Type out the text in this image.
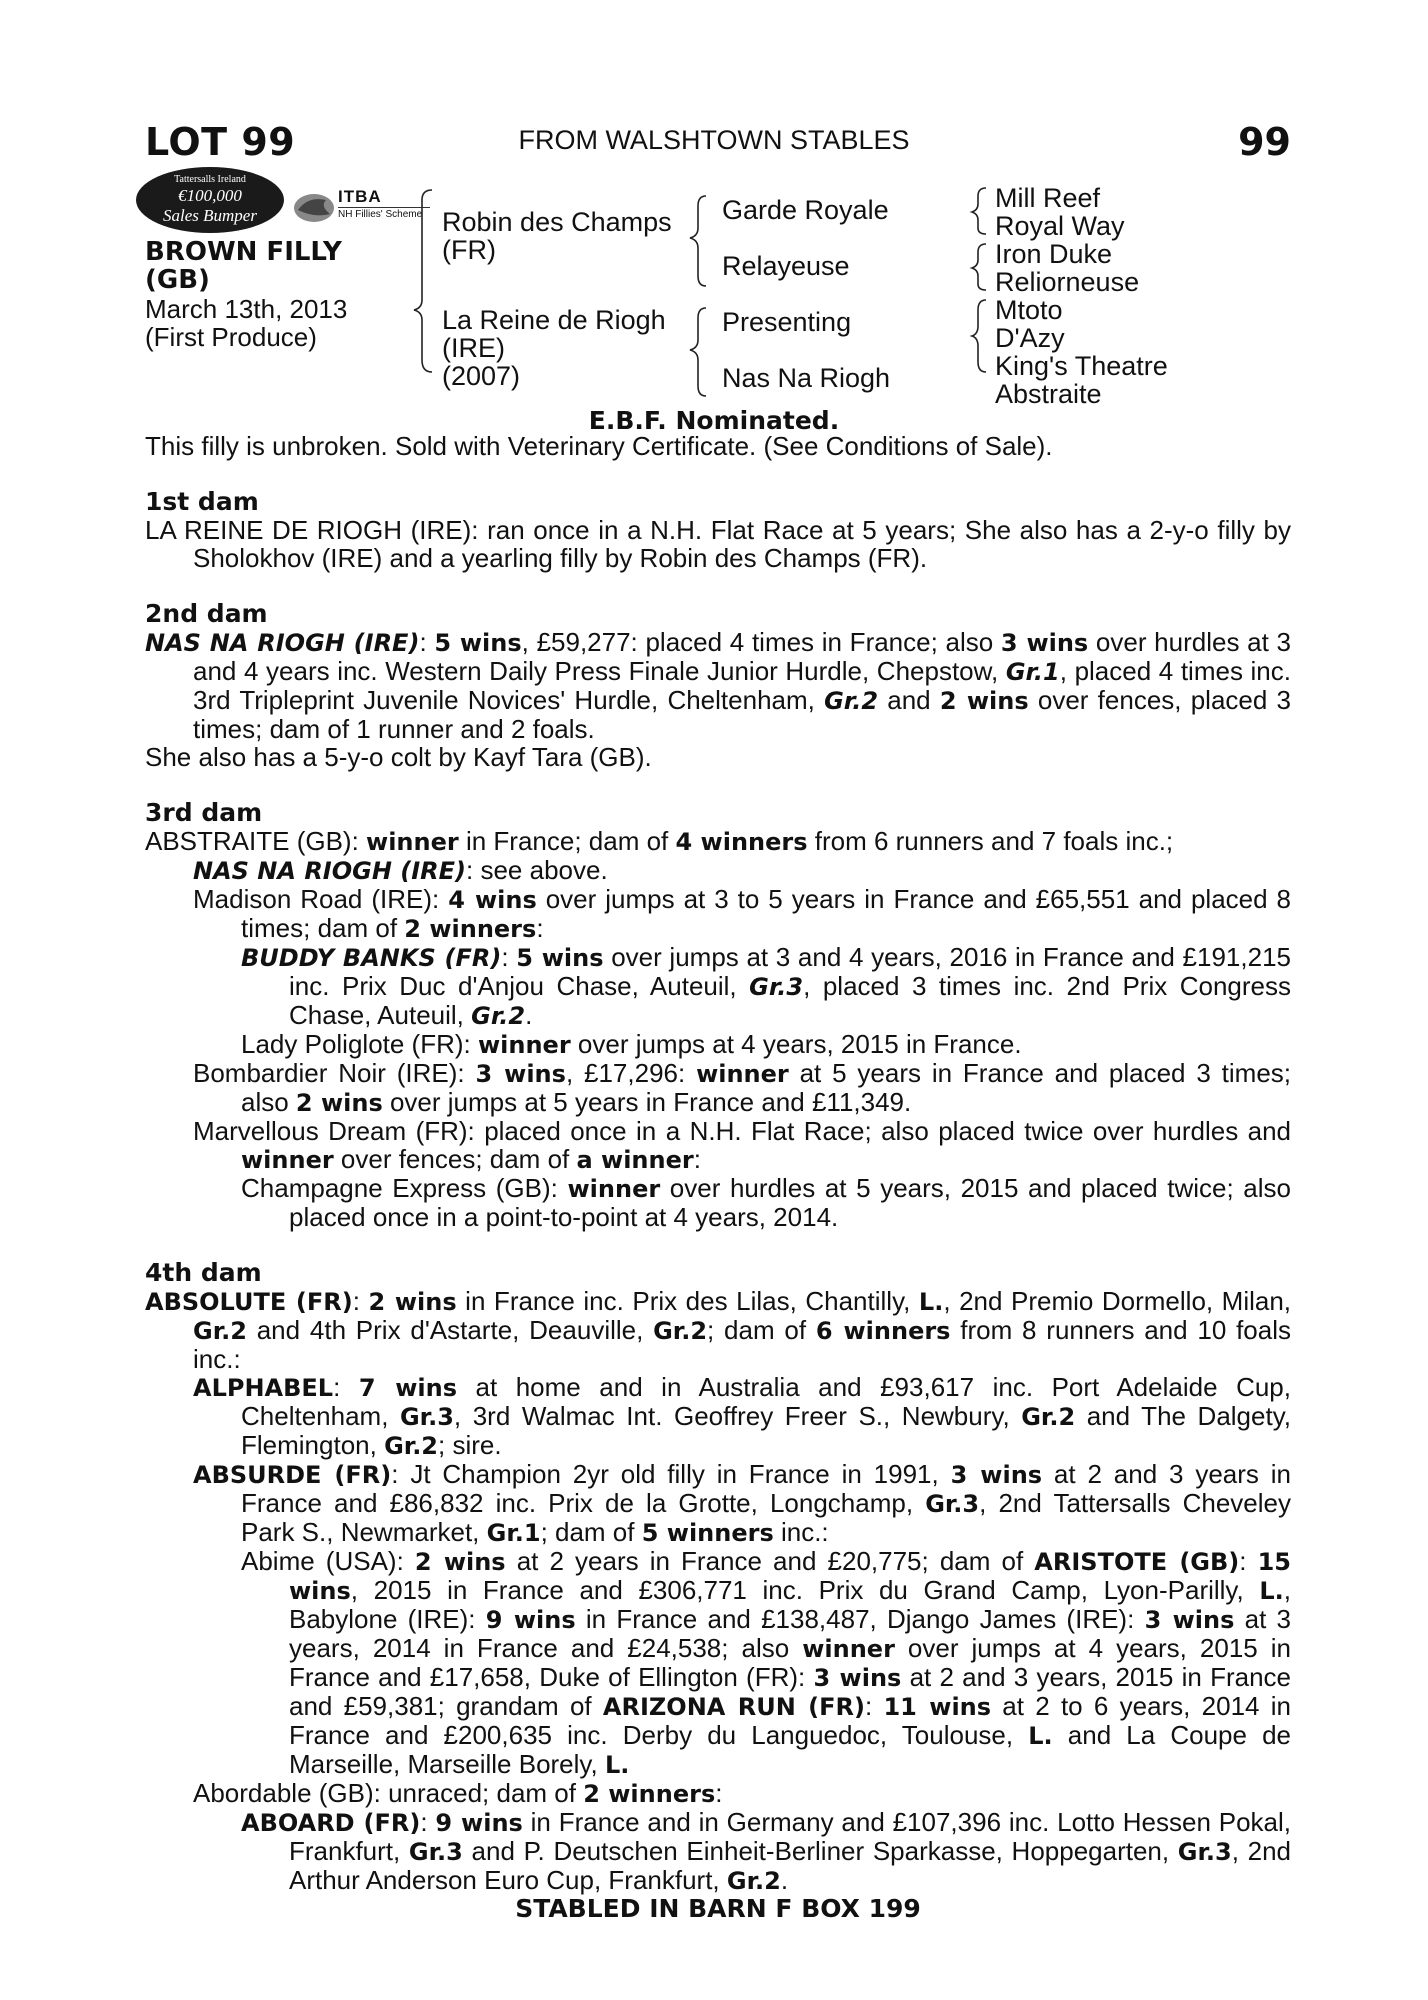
LOT 99	FROM WALSHTOWN STABLES	99
Tattersalls Ireland
€100,000
Sales Bumper
ITBA
NH Fillies' Scheme
BROWN FILLY
(GB)
March 13th, 2013
(First Produce)
Robin des Champs
(FR)
La Reine de Riogh
(IRE)
(2007)
Garde Royale
Relayeuse
Presenting
Nas Na Riogh
Mill Reef
Royal Way
Iron Duke
Reliorneuse
Mtoto
D'Azy
King's Theatre
Abstraite
E.B.F. Nominated.

This filly is unbroken. Sold with Veterinary Certificate. (See Conditions of Sale).

1st dam

LA REINE DE RIOGH (IRE): ran once in a N.H. Flat Race at 5 years; She also has a 2-y-o filly by Sholokhov (IRE) and a yearling filly by Robin des Champs (FR).

2nd dam

NAS NA RIOGH (IRE): 5 wins, £59,277: placed 4 times in France; also 3 wins over hurdles at 3 and 4 years inc. Western Daily Press Finale Junior Hurdle, Chepstow, Gr.1, placed 4 times inc. 3rd Tripleprint Juvenile Novices' Hurdle, Cheltenham, Gr.2 and 2 wins over fences, placed 3 times; dam of 1 runner and 2 foals.

She also has a 5-y-o colt by Kayf Tara (GB).

3rd dam

ABSTRAITE (GB): winner in France; dam of 4 winners from 6 runners and 7 foals inc.;

NAS NA RIOGH (IRE): see above.

Madison Road (IRE): 4 wins over jumps at 3 to 5 years in France and £65,551 and placed 8 times; dam of 2 winners:

BUDDY BANKS (FR): 5 wins over jumps at 3 and 4 years, 2016 in France and £191,215 inc. Prix Duc d'Anjou Chase, Auteuil, Gr.3, placed 3 times inc. 2nd Prix Congress Chase, Auteuil, Gr.2.

Lady Poliglote (FR): winner over jumps at 4 years, 2015 in France.

Bombardier Noir (IRE): 3 wins, £17,296: winner at 5 years in France and placed 3 times; also 2 wins over jumps at 5 years in France and £11,349.

Marvellous Dream (FR): placed once in a N.H. Flat Race; also placed twice over hurdles and winner over fences; dam of a winner:

Champagne Express (GB): winner over hurdles at 5 years, 2015 and placed twice; also placed once in a point-to-point at 4 years, 2014.

4th dam

ABSOLUTE (FR): 2 wins in France inc. Prix des Lilas, Chantilly, L., 2nd Premio Dormello, Milan, Gr.2 and 4th Prix d'Astarte, Deauville, Gr.2; dam of 6 winners from 8 runners and 10 foals inc.:

ALPHABEL: 7 wins at home and in Australia and £93,617 inc. Port Adelaide Cup, Cheltenham, Gr.3, 3rd Walmac Int. Geoffrey Freer S., Newbury, Gr.2 and The Dalgety, Flemington, Gr.2; sire.

ABSURDE (FR): Jt Champion 2yr old filly in France in 1991, 3 wins at 2 and 3 years in France and £86,832 inc. Prix de la Grotte, Longchamp, Gr.3, 2nd Tattersalls Cheveley Park S., Newmarket, Gr.1; dam of 5 winners inc.:

Abime (USA): 2 wins at 2 years in France and £20,775; dam of ARISTOTE (GB): 15 wins, 2015 in France and £306,771 inc. Prix du Grand Camp, Lyon-Parilly, L., Babylone (IRE): 9 wins in France and £138,487, Django James (IRE): 3 wins at 3 years, 2014 in France and £24,538; also winner over jumps at 4 years, 2015 in France and £17,658, Duke of Ellington (FR): 3 wins at 2 and 3 years, 2015 in France and £59,381; grandam of ARIZONA RUN (FR): 11 wins at 2 to 6 years, 2014 in France and £200,635 inc. Derby du Languedoc, Toulouse, L. and La Coupe de Marseille, Marseille Borely, L.

Abordable (GB): unraced; dam of 2 winners:

ABOARD (FR): 9 wins in France and in Germany and £107,396 inc. Lotto Hessen Pokal, Frankfurt, Gr.3 and P. Deutschen Einheit-Berliner Sparkasse, Hoppegarten, Gr.3, 2nd Arthur Anderson Euro Cup, Frankfurt, Gr.2.

STABLED IN BARN F BOX 199
